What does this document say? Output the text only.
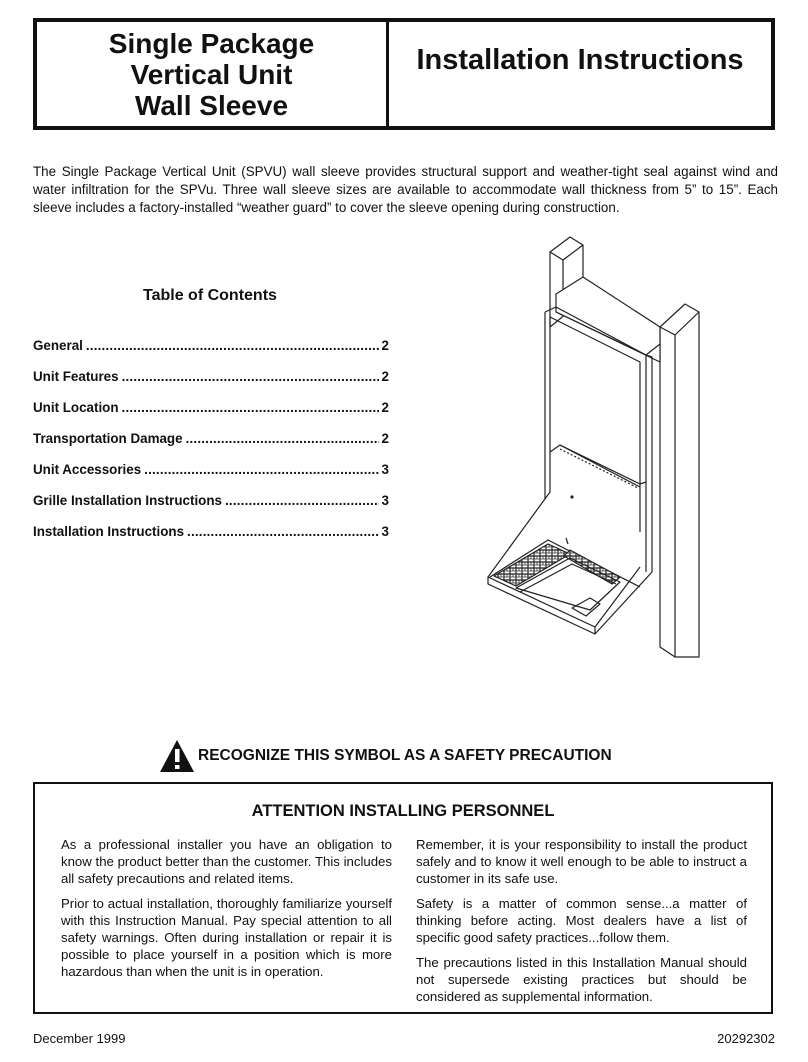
Single Package
Vertical Unit
Wall Sleeve
Installation Instructions

The Single Package Vertical Unit (SPVU) wall sleeve provides structural support and weather-tight seal against wind and water infiltration for the SPVu. Three wall sleeve sizes are available to accommodate wall thickness from 5” to 15”. Each sleeve includes a factory-installed “weather guard” to cover the sleeve opening during construction.

Table of Contents
General .....	2
Unit Features .....	2
Unit Location .....	2
Transportation Damage .....	2
Unit Accessories .....	3
Grille Installation Instructions .....	3
Installation Instructions .....	3
RECOGNIZE THIS SYMBOL AS A SAFETY PRECAUTION
ATTENTION INSTALLING PERSONNEL

As a professional installer you have an obligation to know the product better than the customer. This includes all safety precautions and related items.

Prior to actual installation, thoroughly familiarize yourself with this Instruction Manual. Pay special attention to all safety warnings. Often during installation or repair it is possible to place yourself in a position which is more hazardous than when the unit is in operation.

Remember, it is your responsibility to install the product safely and to know it well enough to be able to instruct a customer in its safe use.

Safety is a matter of common sense...a matter of thinking before acting. Most dealers have a list of specific good safety practices...follow them.

The precautions listed in this Installation Manual should not supersede existing practices but should be considered as supplemental information.

December 1999	20292302
